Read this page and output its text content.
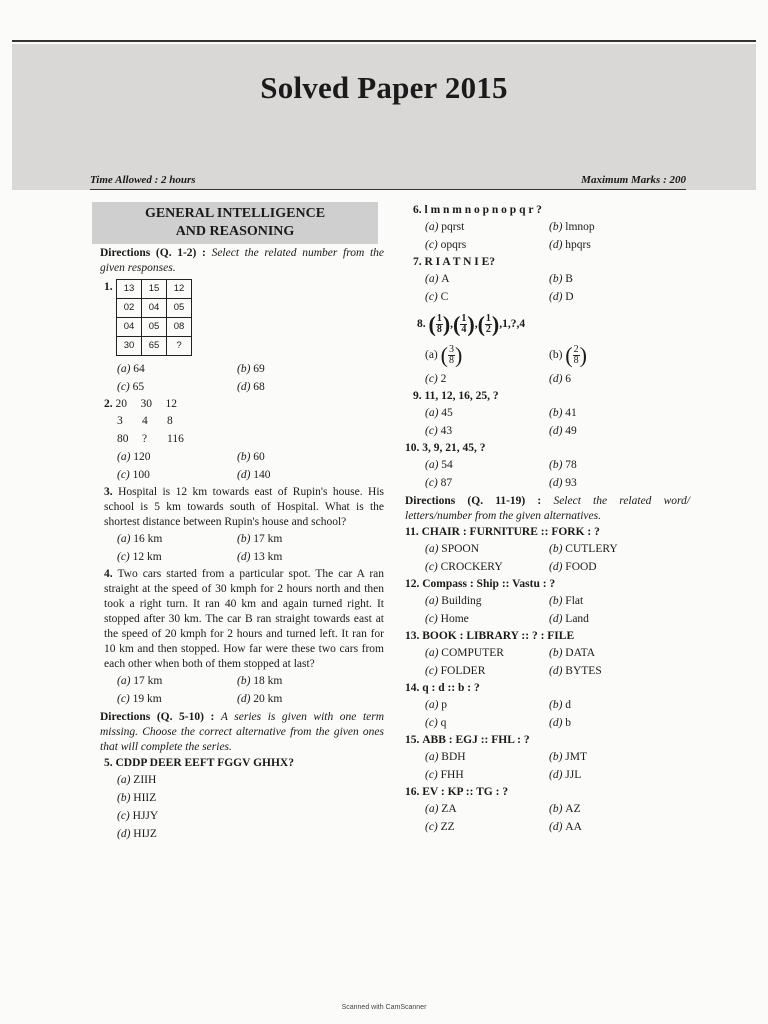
Solved Paper 2015
Time Allowed : 2 hours	Maximum Marks : 200
GENERAL INTELLIGENCE
AND REASONING
Directions (Q. 1-2) : Select the related number from the given responses.
1.	13	15	12
02	04	05
04	05	08
30	65	?
(a) 64	(b) 69
(c) 65	(d) 68
2. 20 30 12
3 4 8
80 ? 116
(a) 120	(b) 60
(c) 100	(d) 140
3. Hospital is 12 km towards east of Rupin's house. His school is 5 km towards south of Hospital. What is the shortest distance between Rupin's house and school?
(a) 16 km	(b) 17 km
(c) 12 km	(d) 13 km
4. Two cars started from a particular spot. The car A ran straight at the speed of 30 kmph for 2 hours north and then took a right turn. It ran 40 km and again turned right. It stopped after 30 km. The car B ran straight towards east at the speed of 20 kmph for 2 hours and turned left. It ran for 10 km and then stopped. How far were these two cars from each other when both of them stopped at last?
(a) 17 km	(b) 18 km
(c) 19 km	(d) 20 km
Directions (Q. 5-10) : A series is given with one term missing. Choose the correct alternative from the given ones that will complete the series.
5. CDDP DEER EEFT FGGV GHHX?
(a) ZIIH
(b) HIIZ
(c) HJJY
(d) HIJZ
6. l m n m n o p n o p q r ?
(a) pqrst	(b) lmnop
(c) opqrs	(d) hpqrs
7. R I A T N I E?
(a) A	(b) B
(c) C	(d) D
8. ( $\frac{1}{8}$ ),( $\frac{1}{4}$ ),( $\frac{1}{2}$ ),1,?,4
(a) ( $\frac{3}{8}$ )	(b) ( $\frac{2}{8}$ )
(c) 2	(d) 6
9. 11, 12, 16, 25, ?
(a) 45	(b) 41
(c) 43	(d) 49
10. 3, 9, 21, 45, ?
(a) 54	(b) 78
(c) 87	(d) 93
Directions (Q. 11-19) : Select the related word/ letters/number from the given alternatives.
11. CHAIR : FURNITURE :: FORK : ?
(a) SPOON	(b) CUTLERY
(c) CROCKERY	(d) FOOD
12. Compass : Ship :: Vastu : ?
(a) Building	(b) Flat
(c) Home	(d) Land
13. BOOK : LIBRARY :: ? : FILE
(a) COMPUTER	(b) DATA
(c) FOLDER	(d) BYTES
14. q : d :: b : ?
(a) p	(b) d
(c) q	(d) b
15. ABB : EGJ :: FHL : ?
(a) BDH	(b) JMT
(c) FHH	(d) JJL
16. EV : KP :: TG : ?
(a) ZA	(b) AZ
(c) ZZ	(d) AA
Scanned with CamScanner
